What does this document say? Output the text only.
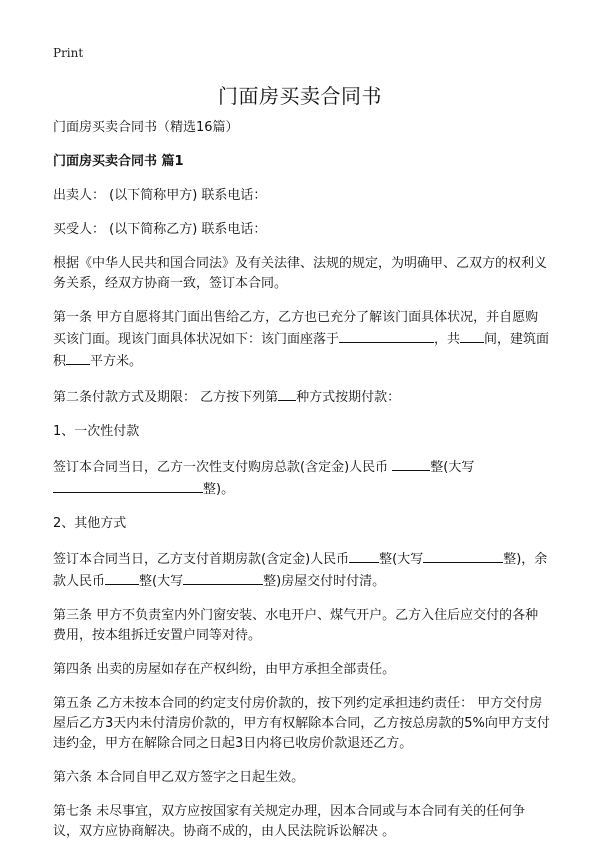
Print
门面房买卖合同书

门面房买卖合同书（精选16篇）

门面房买卖合同书 篇1

出卖人： (以下简称甲方) 联系电话：

买受人： (以下简称乙方) 联系电话：

根据《中华人民共和国合同法》及有关法律、法规的规定，为明确甲、乙双方的权利义务关系，经双方协商一致，签订本合同。

第一条 甲方自愿将其门面出售给乙方，乙方也已充分了解该门面具体状况，并自愿购买该门面。现该门面具体状况如下：该门面座落于	，共 间，建筑面积 平方米。

第二条付款方式及期限： 乙方按下列第 种方式按期付款：

1、一次性付款

签订本合同当日，乙方一次性支付购房总款(含定金)人民币	整(大写 整)。

2、其他方式

签订本合同当日，乙方支付首期房款(含定金)人民币 整(大写	整)，余款人民币	整(大写	整)房屋交付时付清。

第三条 甲方不负责室内外门窗安装、水电开户、煤气开户。乙方入住后应交付的各种费用，按本组拆迁安置户同等对待。

第四条 出卖的房屋如存在产权纠纷，由甲方承担全部责任。

第五条 乙方未按本合同的约定支付房价款的，按下列约定承担违约责任： 甲方交付房屋后乙方3天内未付清房价款的，甲方有权解除本合同，乙方按总房款的5%向甲方支付违约金，甲方在解除合同之日起3日内将已收房价款退还乙方。

第六条 本合同自甲乙双方签字之日起生效。

第七条 未尽事宜，双方应按国家有关规定办理，因本合同或与本合同有关的任何争议，双方应协商解决。协商不成的，由人民法院诉讼解决 。
